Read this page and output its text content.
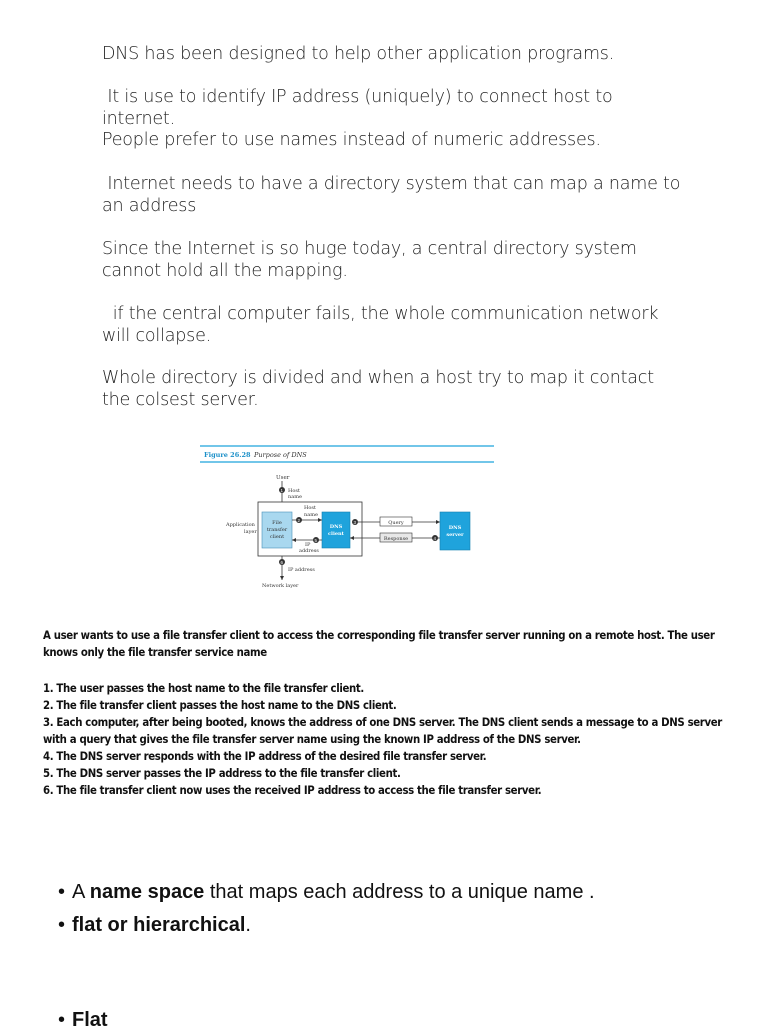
DNS has been designed to help other application programs.

It is use to identify IP address (uniquely) to connect host to internet.

People prefer to use names instead of numeric addresses.

Internet needs to have a directory system that can map a name to an address

Since the Internet is so huge today, a central directory system cannot hold all the mapping.

if the central computer fails, the whole communication network will collapse.

Whole directory is divided and when a host try to map it contact the colsest server.

Figure 26.28 Purpose of DNS
User
1 Host
name
File
transfer
client
DNS
client
2
5
Host
name
IP
address
Application
layer
3	Query
Response	4
DNS
server
6
IP address
Network layer

A user wants to use a file transfer client to access the corresponding file transfer server running on a remote host. The user knows only the file transfer service name

1. The user passes the host name to the file transfer client.

2. The file transfer client passes the host name to the DNS client.

3. Each computer, after being booted, knows the address of one DNS server. The DNS client sends a message to a DNS server with a query that gives the file transfer server name using the known IP address of the DNS server.

4. The DNS server responds with the IP address of the desired file transfer server.

5. The DNS server passes the IP address to the file transfer client.

6. The file transfer client now uses the received IP address to access the file transfer server.

• A name space that maps each address to a unique name .

• flat or hierarchical.

• Flat
